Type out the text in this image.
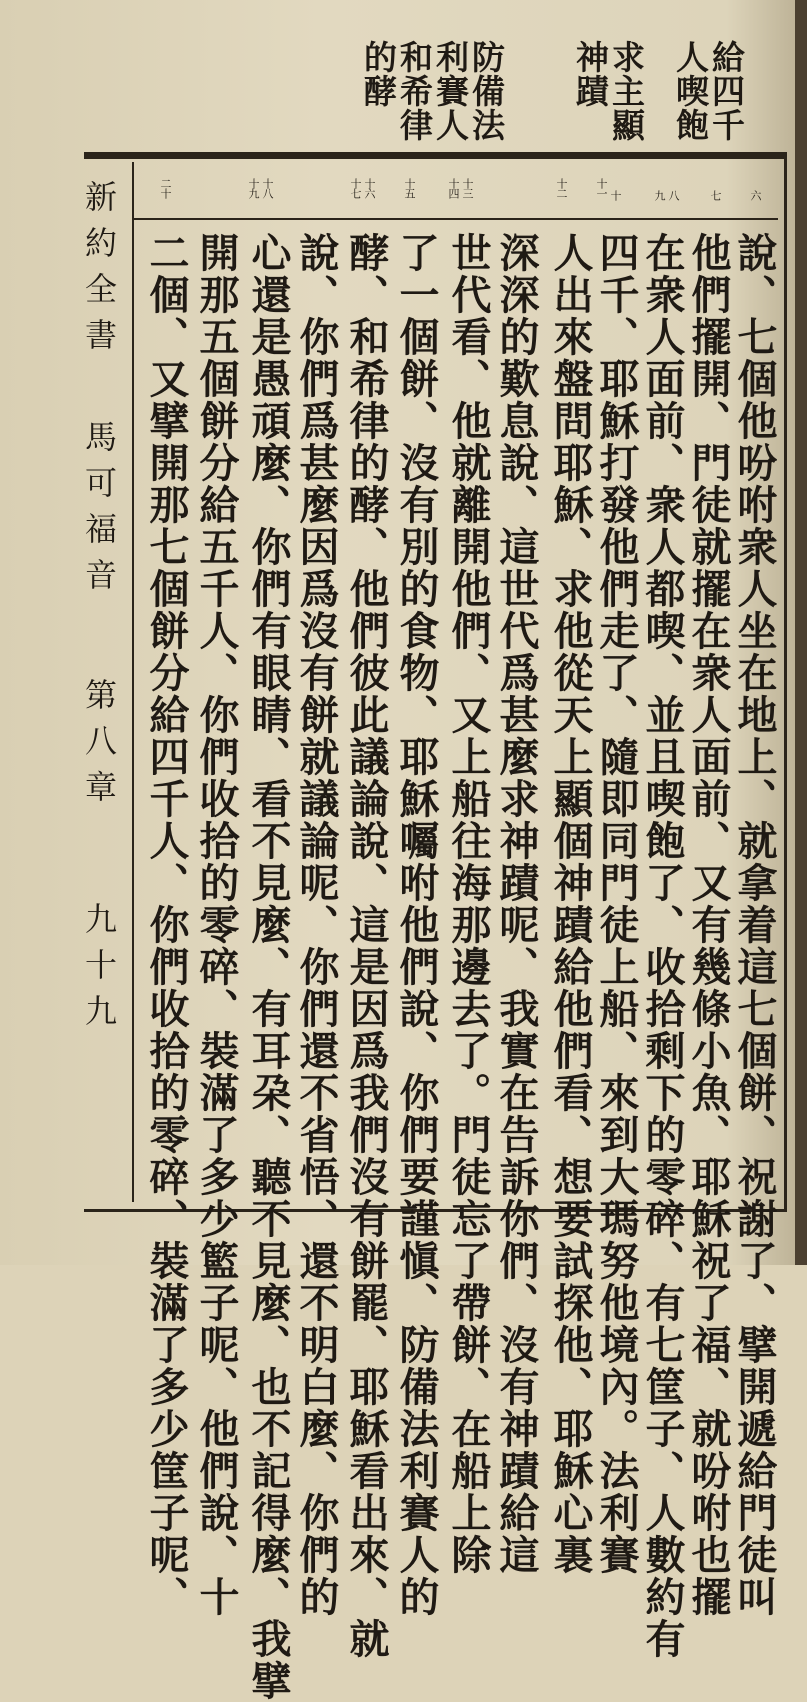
給四千人喫飽
求主顯神蹟
防備法利賽人和希律的酵
新約全書
馬可福音
第八章
九十九
六
七
八
九
十
十一
十二
十三
十四
十五
十六
十七
十八
十九
二十
說、七個他吩咐衆人坐在地上、就拿着這七個餅、祝謝了、擘開遞給門徒叫
他們擺開、門徒就擺在衆人面前、又有幾條小魚、耶穌祝了福、就吩咐也擺
在衆人面前、衆人都喫、並且喫飽了、收拾剩下的零碎、有七筐子、人數約有
四千、耶穌打發他們走了、隨即同門徒上船、來到大瑪努他境內。法利賽
人出來盤問耶穌、求他從天上顯個神蹟給他們看、想要試探他、耶穌心裏
深深的歎息說、這世代爲甚麼求神蹟呢、我實在告訴你們、沒有神蹟給這
世代看、他就離開他們、又上船往海那邊去了。門徒忘了帶餅、在船上除
了一個餅、沒有別的食物、耶穌囑咐他們說、你們要謹愼、防備法利賽人的
酵、和希律的酵、他們彼此議論說、這是因爲我們沒有餅罷、耶穌看出來、就
說、你們爲甚麼因爲沒有餅就議論呢、你們還不省悟、還不明白麼、你們的
心還是愚頑麼、你們有眼睛、看不見麼、有耳朶、聽不見麼、也不記得麼、我擘
開那五個餅分給五千人、你們收拾的零碎、裝滿了多少籃子呢、他們說、十
二個、又擘開那七個餅分給四千人、你們收拾的零碎、裝滿了多少筐子呢、
